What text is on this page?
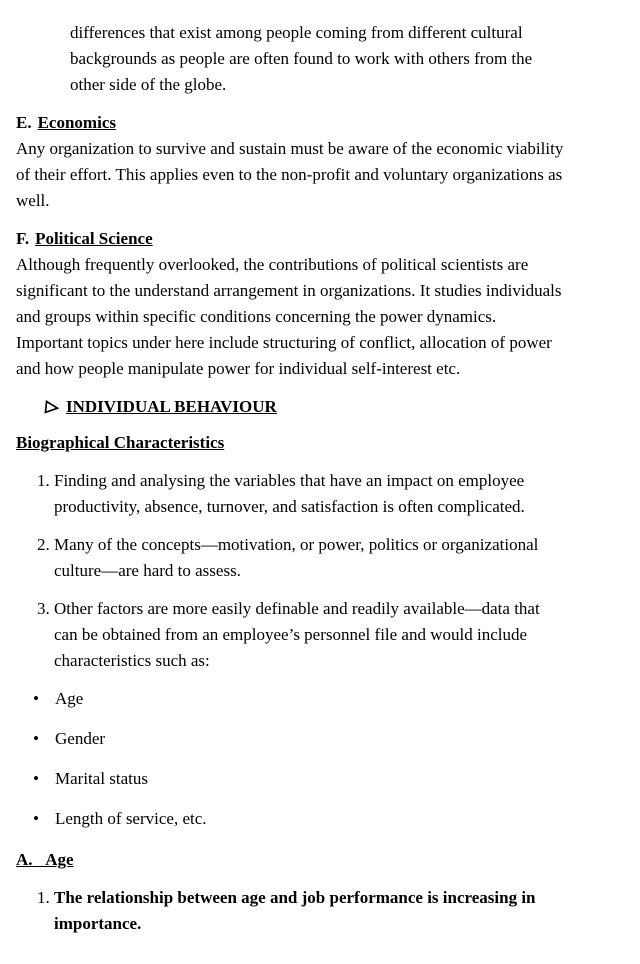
differences that exist among people coming from different cultural
backgrounds as people are often found to work with others from the
other side of the globe.
E. Economics
Any organization to survive and sustain must be aware of the economic viability
of their effort. This applies even to the non-profit and voluntary organizations as
well.
F. Political Science
Although frequently overlooked, the contributions of political scientists are
significant to the understand arrangement in organizations. It studies individuals
and groups within specific conditions concerning the power dynamics.
Important topics under here include structuring of conflict, allocation of power
and how people manipulate power for individual self-interest etc.
INDIVIDUAL BEHAVIOUR
Biographical Characteristics
1. Finding and analysing the variables that have an impact on employee
productivity, absence, turnover, and satisfaction is often complicated.
2. Many of the concepts—motivation, or power, politics or organizational
culture—are hard to assess.
3. Other factors are more easily definable and readily available—data that
can be obtained from an employee’s personnel file and would include
characteristics such as:
• Age
• Gender
• Marital status
• Length of service, etc.
A.   Age
1. The relationship between age and job performance is increasing in
importance.
